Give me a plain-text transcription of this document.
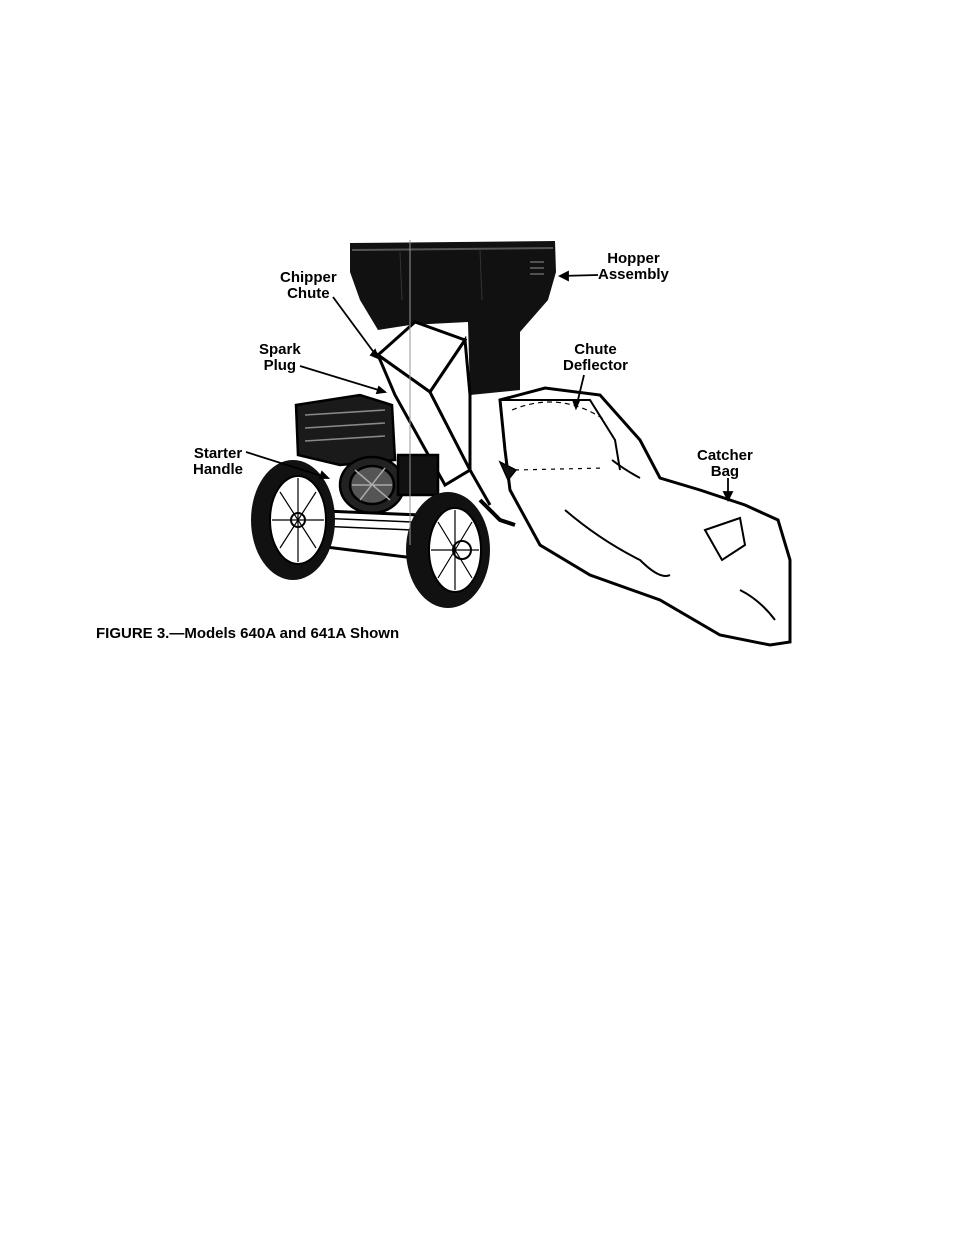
Hopper
Assembly
Chipper
Chute
Spark
Plug
Chute
Deflector
Starter
Handle
Catcher
Bag
FIGURE 3.—Models 640A and 641A Shown
